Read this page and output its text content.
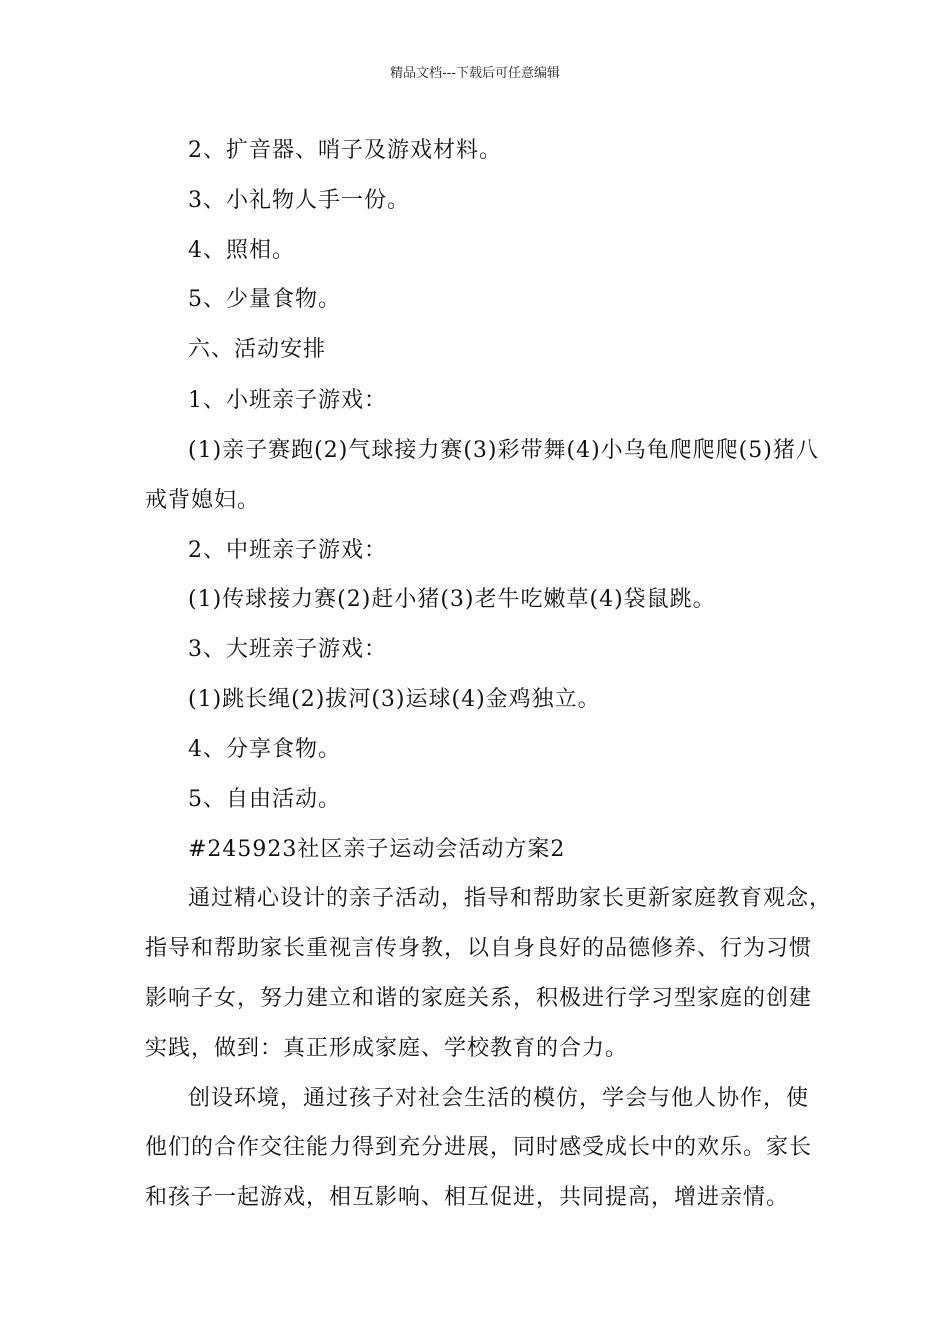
精品文档---下载后可任意编辑
2、扩音器、哨子及游戏材料。
3、小礼物人手一份。
4、照相。
5、少量食物。
六、活动安排
1、小班亲子游戏：
(1)亲子赛跑(2)气球接力赛(3)彩带舞(4)小乌龟爬爬爬(5)猪八
戒背媳妇。
2、中班亲子游戏：
(1)传球接力赛(2)赶小猪(3)老牛吃嫩草(4)袋鼠跳。
3、大班亲子游戏：
(1)跳长绳(2)拔河(3)运球(4)金鸡独立。
4、分享食物。
5、自由活动。
#245923社区亲子运动会活动方案2
通过精心设计的亲子活动，指导和帮助家长更新家庭教育观念，
指导和帮助家长重视言传身教，以自身良好的品德修养、行为习惯
影响子女，努力建立和谐的家庭关系，积极进行学习型家庭的创建
实践，做到：真正形成家庭、学校教育的合力。
创设环境，通过孩子对社会生活的模仿，学会与他人协作，使
他们的合作交往能力得到充分进展，同时感受成长中的欢乐。家长
和孩子一起游戏，相互影响、相互促进，共同提高，增进亲情。
